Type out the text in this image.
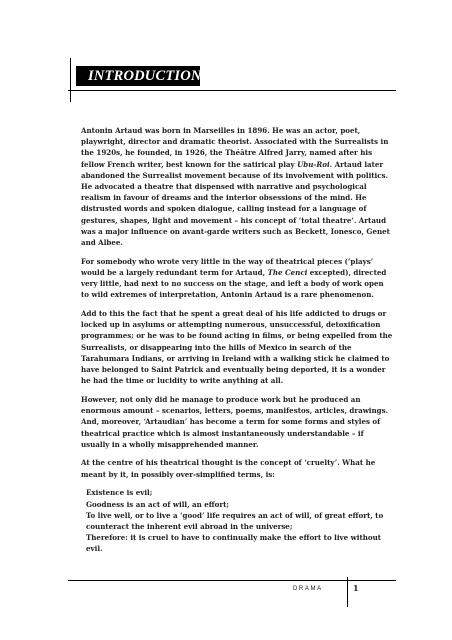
INTRODUCTION

Antonin Artaud was born in Marseilles in 1896. He was an actor, poet, playwright, director and dramatic theorist. Associated with the Surrealists in the 1920s, he founded, in 1926, the Théâtre Alfred Jarry, named after his fellow French writer, best known for the satirical play Ubu-Roi. Artaud later abandoned the Surrealist movement because of its involvement with politics. He advocated a theatre that dispensed with narrative and psychological realism in favour of dreams and the interior obsessions of the mind. He distrusted words and spoken dialogue, calling instead for a language of gestures, shapes, light and movement – his concept of ‘total theatre’. Artaud was a major influence on avant-garde writers such as Beckett, Ionesco, Genet and Albee.

For somebody who wrote very little in the way of theatrical pieces (‘plays’ would be a largely redundant term for Artaud, The Cenci excepted), directed very little, had next to no success on the stage, and left a body of work open to wild extremes of interpretation, Antonin Artaud is a rare phenomenon.

Add to this the fact that he spent a great deal of his life addicted to drugs or locked up in asylums or attempting numerous, unsuccessful, detoxification programmes; or he was to be found acting in films, or being expelled from the Surrealists, or disappearing into the hills of Mexico in search of the Tarahumara Indians, or arriving in Ireland with a walking stick he claimed to have belonged to Saint Patrick and eventually being deported, it is a wonder he had the time or lucidity to write anything at all.

However, not only did he manage to produce work but he produced an enormous amount – scenarios, letters, poems, manifestos, articles, drawings. And, moreover, ‘Artaudian’ has become a term for some forms and styles of theatrical practice which is almost instantaneously understandable – if usually in a wholly misapprehended manner.

At the centre of his theatrical thought is the concept of ‘cruelty’. What he meant by it, in possibly over-simplified terms, is:

Existence is evil;
Goodness is an act of will, an effort;
To live well, or to live a ‘good’ life requires an act of will, of great effort, to counteract the inherent evil abroad in the universe;
Therefore: it is cruel to have to continually make the effort to live without evil.
DRAMA	1
